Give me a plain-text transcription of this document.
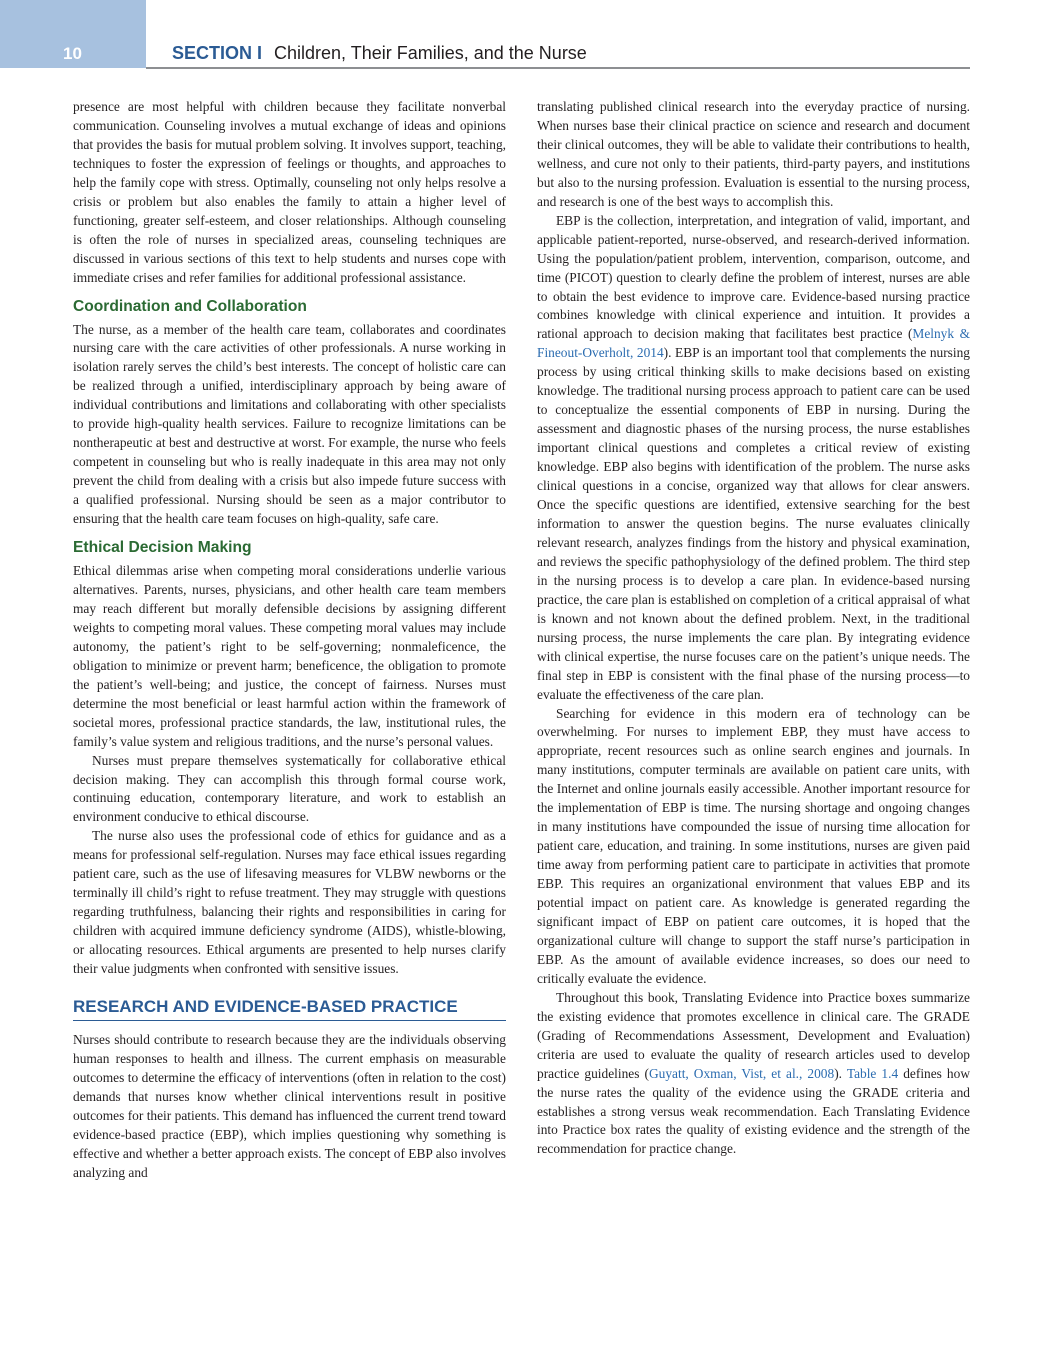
10	SECTION I Children, Their Families, and the Nurse

presence are most helpful with children because they facilitate nonverbal communication. Counseling involves a mutual exchange of ideas and opinions that provides the basis for mutual problem solving. It involves support, teaching, techniques to foster the expression of feelings or thoughts, and approaches to help the family cope with stress. Optimally, counseling not only helps resolve a crisis or problem but also enables the family to attain a higher level of functioning, greater self-esteem, and closer relationships. Although counseling is often the role of nurses in specialized areas, counseling techniques are discussed in various sections of this text to help students and nurses cope with immediate crises and refer families for additional professional assistance.

Coordination and Collaboration

The nurse, as a member of the health care team, collaborates and coordinates nursing care with the care activities of other professionals. A nurse working in isolation rarely serves the child’s best interests. The concept of holistic care can be realized through a unified, interdisciplinary approach by being aware of individual contributions and limitations and collaborating with other specialists to provide high-quality health services. Failure to recognize limitations can be nontherapeutic at best and destructive at worst. For example, the nurse who feels competent in counseling but who is really inadequate in this area may not only prevent the child from dealing with a crisis but also impede future success with a qualified professional. Nursing should be seen as a major contributor to ensuring that the health care team focuses on high-quality, safe care.

Ethical Decision Making

Ethical dilemmas arise when competing moral considerations underlie various alternatives. Parents, nurses, physicians, and other health care team members may reach different but morally defensible decisions by assigning different weights to competing moral values. These competing moral values may include autonomy, the patient’s right to be self-governing; nonmaleficence, the obligation to minimize or prevent harm; beneficence, the obligation to promote the patient’s well-being; and justice, the concept of fairness. Nurses must determine the most beneficial or least harmful action within the framework of societal mores, professional practice standards, the law, institutional rules, the family’s value system and religious traditions, and the nurse’s personal values.

Nurses must prepare themselves systematically for collaborative ethical decision making. They can accomplish this through formal course work, continuing education, contemporary literature, and work to establish an environment conducive to ethical discourse.

The nurse also uses the professional code of ethics for guidance and as a means for professional self-regulation. Nurses may face ethical issues regarding patient care, such as the use of lifesaving measures for VLBW newborns or the terminally ill child’s right to refuse treatment. They may struggle with questions regarding truthfulness, balancing their rights and responsibilities in caring for children with acquired immune deficiency syndrome (AIDS), whistle-blowing, or allocating resources. Ethical arguments are presented to help nurses clarify their value judgments when confronted with sensitive issues.

RESEARCH AND EVIDENCE-BASED PRACTICE

Nurses should contribute to research because they are the individuals observing human responses to health and illness. The current emphasis on measurable outcomes to determine the efficacy of interventions (often in relation to the cost) demands that nurses know whether clinical interventions result in positive outcomes for their patients. This demand has influenced the current trend toward evidence-based practice (EBP), which implies questioning why something is effective and whether a better approach exists. The concept of EBP also involves analyzing and

translating published clinical research into the everyday practice of nursing. When nurses base their clinical practice on science and research and document their clinical outcomes, they will be able to validate their contributions to health, wellness, and cure not only to their patients, third-party payers, and institutions but also to the nursing profession. Evaluation is essential to the nursing process, and research is one of the best ways to accomplish this.

EBP is the collection, interpretation, and integration of valid, important, and applicable patient-reported, nurse-observed, and research-derived information. Using the population/patient problem, intervention, comparison, outcome, and time (PICOT) question to clearly define the problem of interest, nurses are able to obtain the best evidence to improve care. Evidence-based nursing practice combines knowledge with clinical experience and intuition. It provides a rational approach to decision making that facilitates best practice (Melnyk & Fineout-Overholt, 2014). EBP is an important tool that complements the nursing process by using critical thinking skills to make decisions based on existing knowledge. The traditional nursing process approach to patient care can be used to conceptualize the essential components of EBP in nursing. During the assessment and diagnostic phases of the nursing process, the nurse establishes important clinical questions and completes a critical review of existing knowledge. EBP also begins with identification of the problem. The nurse asks clinical questions in a concise, organized way that allows for clear answers. Once the specific questions are identified, extensive searching for the best information to answer the question begins. The nurse evaluates clinically relevant research, analyzes findings from the history and physical examination, and reviews the specific pathophysiology of the defined problem. The third step in the nursing process is to develop a care plan. In evidence-based nursing practice, the care plan is established on completion of a critical appraisal of what is known and not known about the defined problem. Next, in the traditional nursing process, the nurse implements the care plan. By integrating evidence with clinical expertise, the nurse focuses care on the patient’s unique needs. The final step in EBP is consistent with the final phase of the nursing process—to evaluate the effectiveness of the care plan.

Searching for evidence in this modern era of technology can be overwhelming. For nurses to implement EBP, they must have access to appropriate, recent resources such as online search engines and journals. In many institutions, computer terminals are available on patient care units, with the Internet and online journals easily accessible. Another important resource for the implementation of EBP is time. The nursing shortage and ongoing changes in many institutions have compounded the issue of nursing time allocation for patient care, education, and training. In some institutions, nurses are given paid time away from performing patient care to participate in activities that promote EBP. This requires an organizational environment that values EBP and its potential impact on patient care. As knowledge is generated regarding the significant impact of EBP on patient care outcomes, it is hoped that the organizational culture will change to support the staff nurse’s participation in EBP. As the amount of available evidence increases, so does our need to critically evaluate the evidence.

Throughout this book, Translating Evidence into Practice boxes summarize the existing evidence that promotes excellence in clinical care. The GRADE (Grading of Recommendations Assessment, Development and Evaluation) criteria are used to evaluate the quality of research articles used to develop practice guidelines (Guyatt, Oxman, Vist, et al., 2008). Table 1.4 defines how the nurse rates the quality of the evidence using the GRADE criteria and establishes a strong versus weak recommendation. Each Translating Evidence into Practice box rates the quality of existing evidence and the strength of the recommendation for practice change.
